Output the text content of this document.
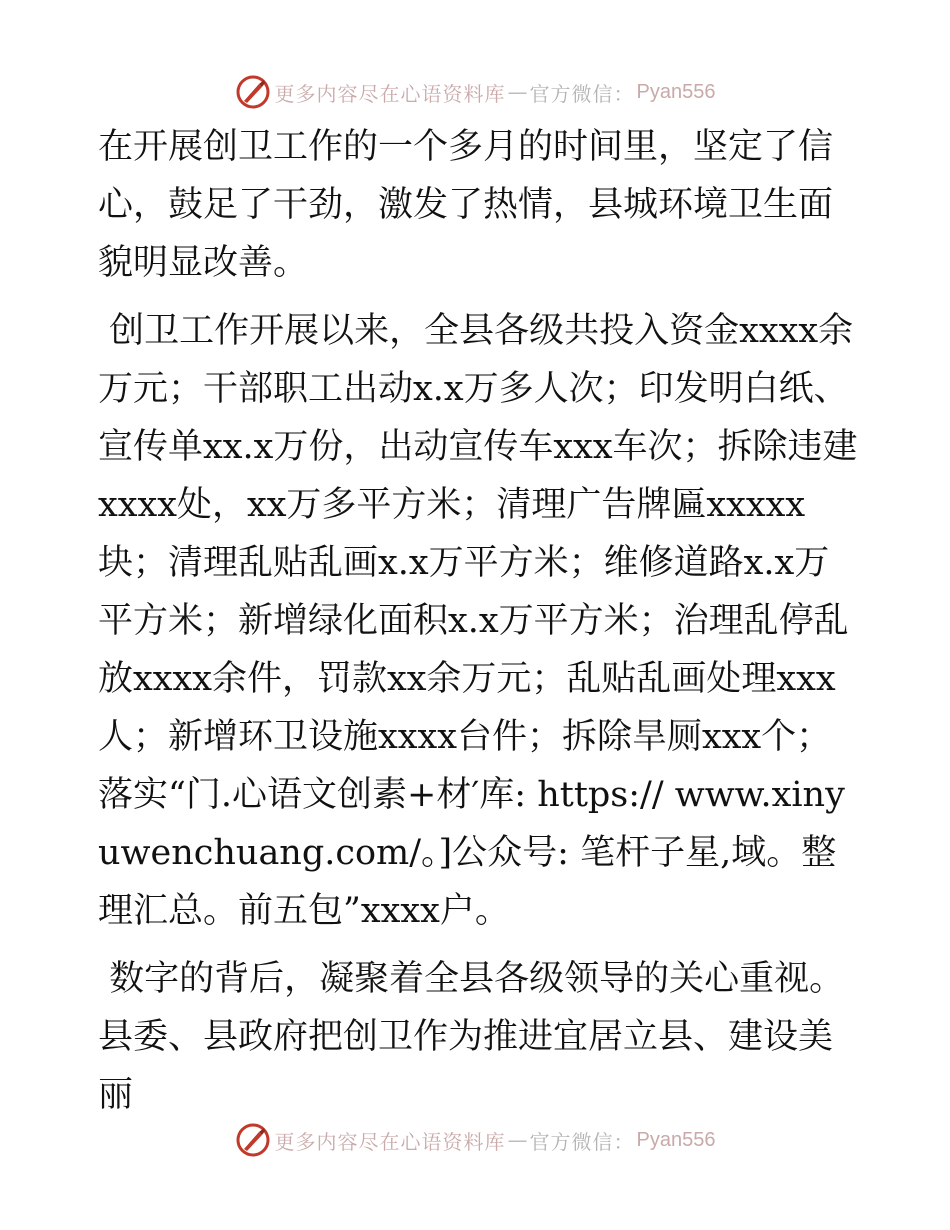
更多内容尽在心语资料库 — 官方微信： Pyan556

在开展创卫工作的一个多月的时间里，坚定了信心，鼓足了干劲，激发了热情，县城环境卫生面貌明显改善。

创卫工作开展以来，全县各级共投入资金xxxx余万元；干部职工出动x.x万多人次；印发明白纸、宣传单xx.x万份，出动宣传车xxx车次；拆除违建xxxx处，xx万多平方米；清理广告牌匾xxxxx块；清理乱贴乱画x.x万平方米；维修道路x.x万平方米；新增绿化面积x.x万平方米；治理乱停乱放xxxx余件，罚款xx余万元；乱贴乱画处理xxx人；新增环卫设施xxxx台件；拆除旱厕xxx个；落实“门.心语文创素+材′库: https:// www.xinyuwenchuang.com/。]公众号: 笔杆子星,域。整理汇总。前五包”xxxx户。

数字的背后，凝聚着全县各级领导的关心重视。县委、县政府把创卫作为推进宜居立县、建设美丽

更多内容尽在心语资料库 — 官方微信： Pyan556
